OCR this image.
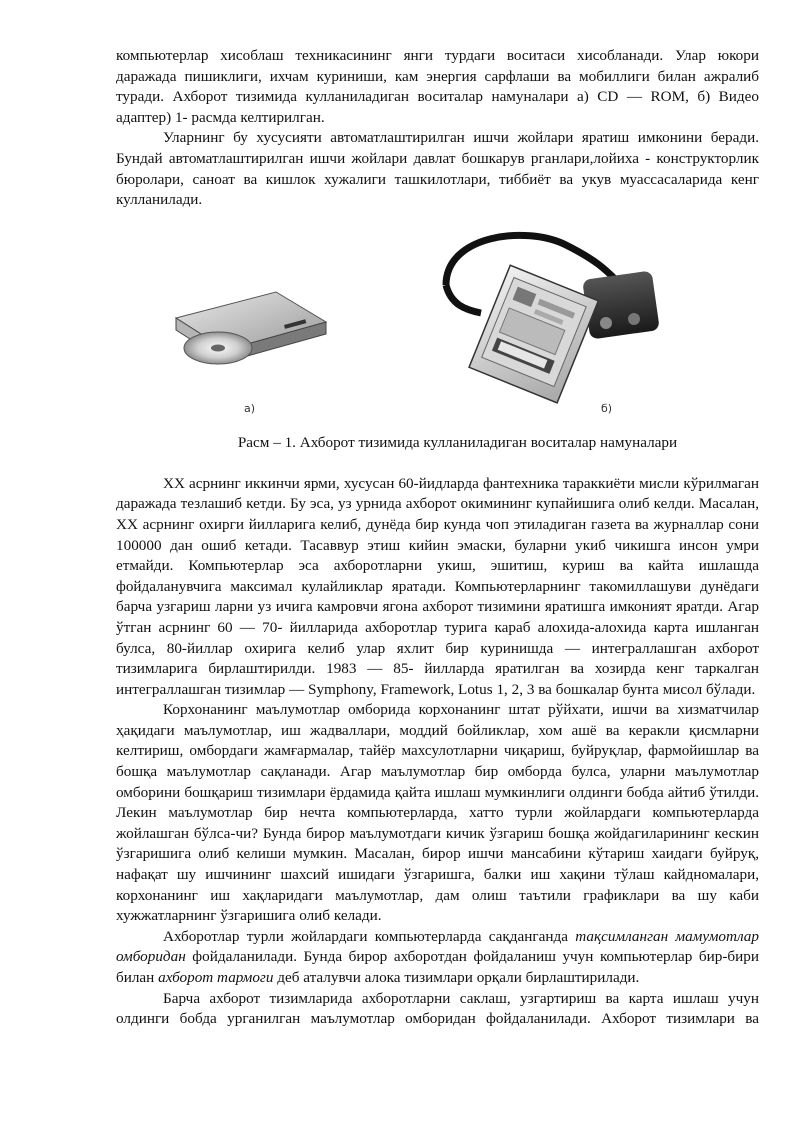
компьютерлар хисоблаш техникасининг янги турдаги воситаси хисобланади. Улар юкори даражада пишиклиги, ихчам куриниши, кам энергия сарфлаши ва мобиллиги билан ажралиб туради. Ахборот тизимида кулланиладиган воситалар намуналари а) CD — ROM, б) Видео адаптер) 1- расмда келтирилган.

Уларнинг бу хусусияти автоматлаштирилган ишчи жойлари яратиш имконини беради. Бундай автоматлаштирилган ишчи жойлари давлат бошкарув рганлари,лойиха - конструкторлик бюролари, саноат ва кишлок хужалиги ташкилотлари, тиббиёт ва укув муассасаларида кенг кулланилади.

а)	б)
Расм – 1. Ахборот тизимида кулланиладиган воситалар намуналари

XX асрнинг иккинчи ярми, хусусан 60-йидларда фантехника тараккиёти мисли кўрилмаган даражада тезлашиб кетди. Бу эса, уз урнида ахборот окимининг купайишига олиб келди. Масалан, XX асрнинг охирги йилларига келиб, дунёда бир кунда чоп этиладиган газета ва журналлар сони 100000 дан ошиб кетади. Тасаввур этиш кийин эмаски, буларни укиб чикишга инсон умри етмайди. Компьютерлар эса ахборотларни укиш, эшитиш, куриш ва кайта ишлашда фойдаланувчига максимал кулайликлар яратади. Компьютерларнинг такомиллашуви дунёдаги барча узгариш ларни уз ичига камровчи ягона ахборот тизимини яратишга имконият яратди. Агар ўтган асрнинг 60 — 70- йилларида ахборотлар турига караб алохида-алохида карта ишланган булса, 80-йиллар охирига келиб улар яхлит бир куринишда — интеграллашган ахборот тизимларига бирлаштирилди. 1983 — 85- йилларда яратилган ва хозирда кенг таркалган интеграллашган тизимлар — Symphony, Framework, Lotus 1, 2, 3 ва бошкалар бунта мисол бўлади.

Корхонанинг маълумотлар омборида корхонанинг штат рўйхати, ишчи ва хизматчилар ҳақидаги маълумотлар, иш жадваллари, моддий бойликлар, хом ашё ва керакли қисмларни келтириш, омбордаги жамғармалар, тайёр махсулотларни чиқариш, буйруқлар, фармойишлар ва бошқа маълумотлар сақланади. Агар маълумотлар бир омборда булса, уларни маълумотлар омборини бошқариш тизимлари ёрдамида қайта ишлаш мумкинлиги олдинги бобда айтиб ўтилди. Лекин маълумотлар бир нечта компьютерларда, хатто турли жойлардаги компьютерларда жойлашган бўлса-чи? Бунда бирор маълумотдаги кичик ўзгариш бошқа жойдагиларининг кескин ўзгаришига олиб келиши мумкин. Масалан, бирор ишчи мансабини кўтариш хаидаги буйруқ, нафақат шу ишчининг шахсий ишидаги ўзгаришга, балки иш хақини тўлаш кайдномалари, корхонанинг иш хақларидаги маълумотлар, дам олиш таътили графиклари ва шу каби хужжатларнинг ўзгаришига олиб келади.

Ахборотлар турли жойлардаги компьютерларда сақданганда тақсимланган мамумотлар омборидан фойдаланилади. Бунда бирор ахборотдан фойдаланиш учун компьютерлар бир-бири билан ахборот тармоги деб аталувчи алока тизимлари орқали бирлаштирилади.

Барча ахборот тизимларида ахборотларни саклаш, узгартириш ва карта ишлаш учун олдинги бобда урганилган маълумотлар омборидан фойдаланилади. Ахборот тизимлари ва
